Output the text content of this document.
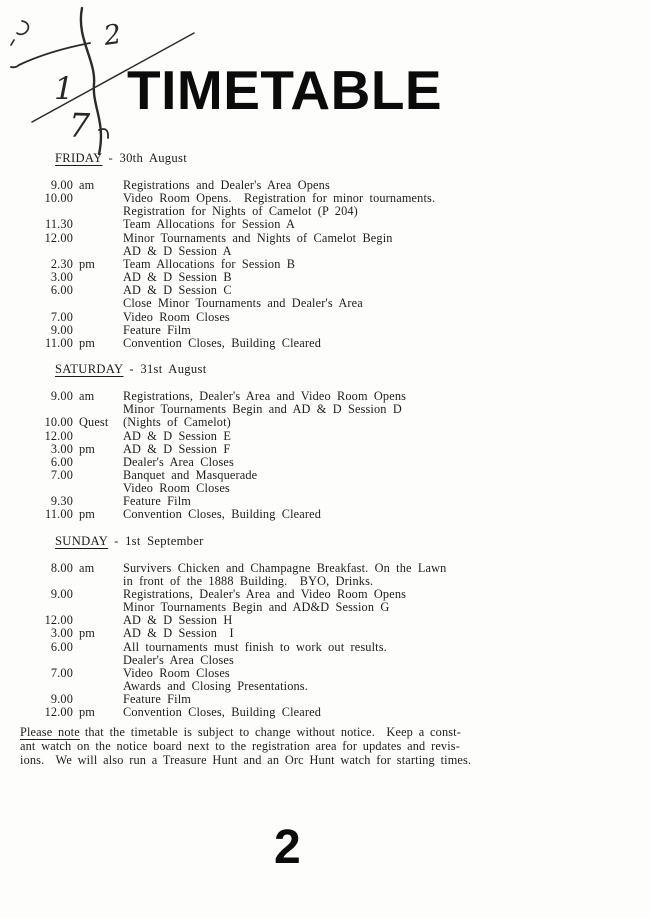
2
1
7
TIMETABLE
FRIDAY - 30th August
9.00 am	Registrations and Dealer's Area Opens
10.00	Video Room Opens.  Registration for minor tournaments.
Registration for Nights of Camelot (P 204)
11.30	Team Allocations for Session A
12.00	Minor Tournaments and Nights of Camelot Begin
AD & D Session A
2.30 pm	Team Allocations for Session B
3.00	AD & D Session B
6.00	AD & D Session C
Close Minor Tournaments and Dealer's Area
7.00	Video Room Closes
9.00	Feature Film
11.00 pm	Convention Closes, Building Cleared
SATURDAY - 31st August
9.00 am	Registrations, Dealer's Area and Video Room Opens
Minor Tournaments Begin and AD & D Session D
10.00 Quest	(Nights of Camelot)
12.00	AD & D Session E
3.00 pm	AD & D Session F
6.00	Dealer's Area Closes
7.00	Banquet and Masquerade
Video Room Closes
9.30	Feature Film
11.00 pm	Convention Closes, Building Cleared
SUNDAY - 1st September
8.00 am	Survivers Chicken and Champagne Breakfast. On the Lawn
in front of the 1888 Building.  BYO, Drinks.
9.00	Registrations, Dealer's Area and Video Room Opens
Minor Tournaments Begin and AD&D Session G
12.00	AD & D Session H
3.00 pm	AD & D Session  I
6.00	All tournaments must finish to work out results.
Dealer's Area Closes
7.00	Video Room Closes
Awards and Closing Presentations.
9.00	Feature Film
12.00 pm	Convention Closes, Building Cleared

Please note that the timetable is subject to change without notice.  Keep a const-
ant watch on the notice board next to the registration area for updates and revis-
ions.  We will also run a Treasure Hunt and an Orc Hunt watch for starting times.

2
